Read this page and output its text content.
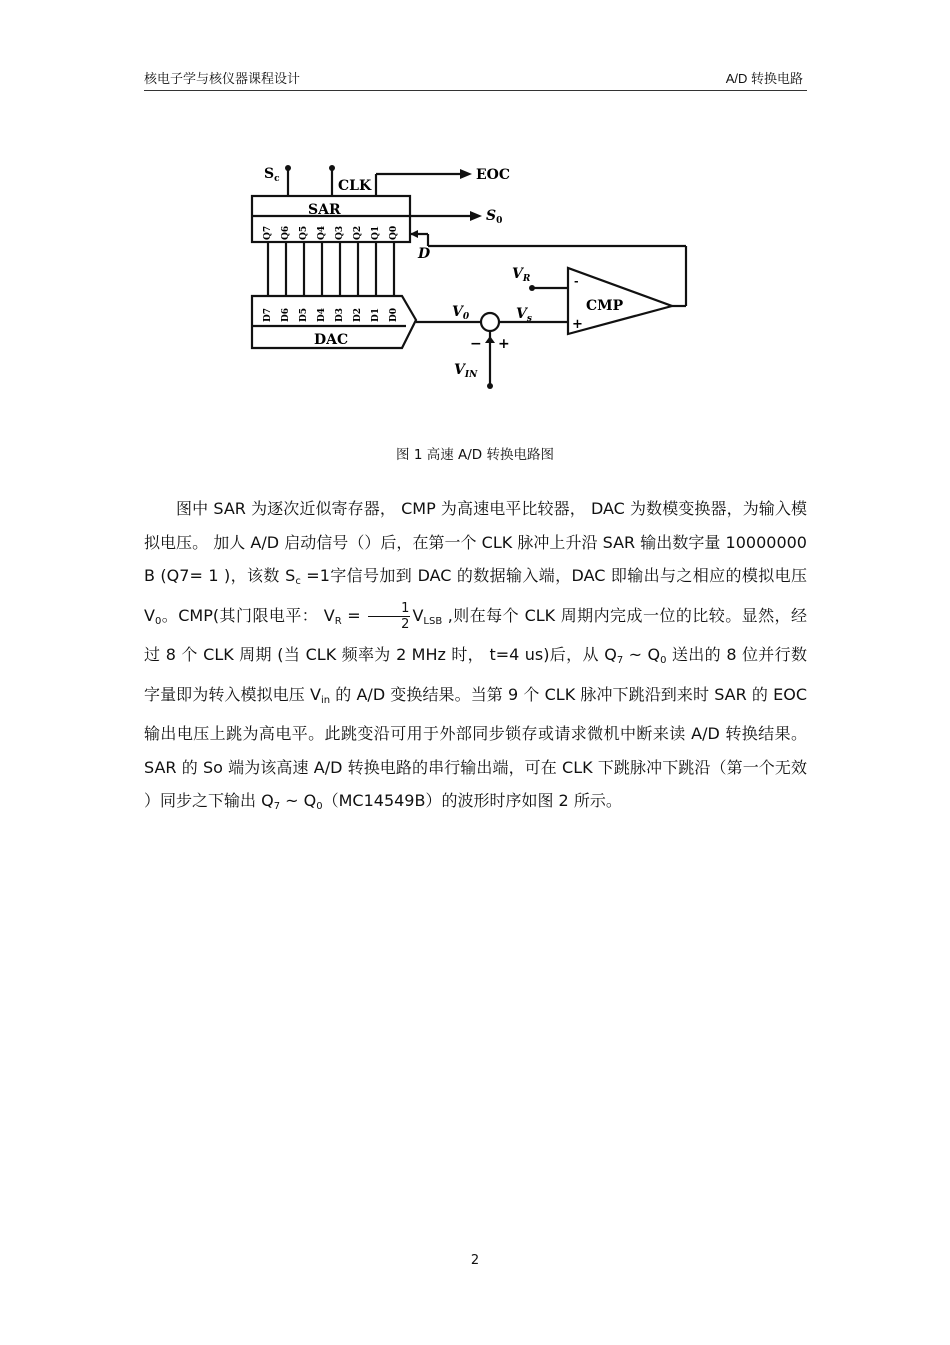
核电子学与核仪器课程设计	A/D 转换电路
$S_c$	CLK
EOC
SAR	$S_0$
D
DAC
$V_0$
$V_R$
$V_s$
CMP
$V_{IN}$
− +
+
-
Q7 Q6 Q5 Q4 Q3 Q2 Q1 Q0
D7 D6 D5 D4 D3 D2 D1 D0
图 1 高速 A/D 转换电路图

图中 SAR 为逐次近似寄存器， CMP 为高速电平比较器， DAC 为数模变换器，为输入模拟电压。 加人 A/D 启动信号（）后，在第一个 CLK 脉冲上升沿 SAR 输出数字量 10000000 B (Q7= 1 )，该数 $S_c =1$字信号加到 DAC 的数据输入端，DAC 即输出与之相应的模拟电压 $V_0$。CMP(其门限电平： $V_R = \frac{1}{2} V_{LSB}$ ,则在每个 CLK 周期内完成一位的比较。显然，经过 8 个 CLK 周期 (当 CLK 频率为 2 MHz 时， t=4 us)后，从 $Q_7$ ~ $Q_0$ 送出的 8 位并行数字量即为转入模拟电压 $V_{in}$ 的 A/D 变换结果。当第 9 个 CLK 脉冲下跳沿到来时 SAR 的 EOC 输出电压上跳为高电平。此跳变沿可用于外部同步锁存或请求微机中断来读 A/D 转换结果。SAR 的 So 端为该高速 A/D 转换电路的串行输出端，可在 CLK 下跳脉冲下跳沿（第一个无效 ）同步之下输出 $Q_7$ ~ $Q_0(MC14549B)$的波形时序如图 2 所示。

2
